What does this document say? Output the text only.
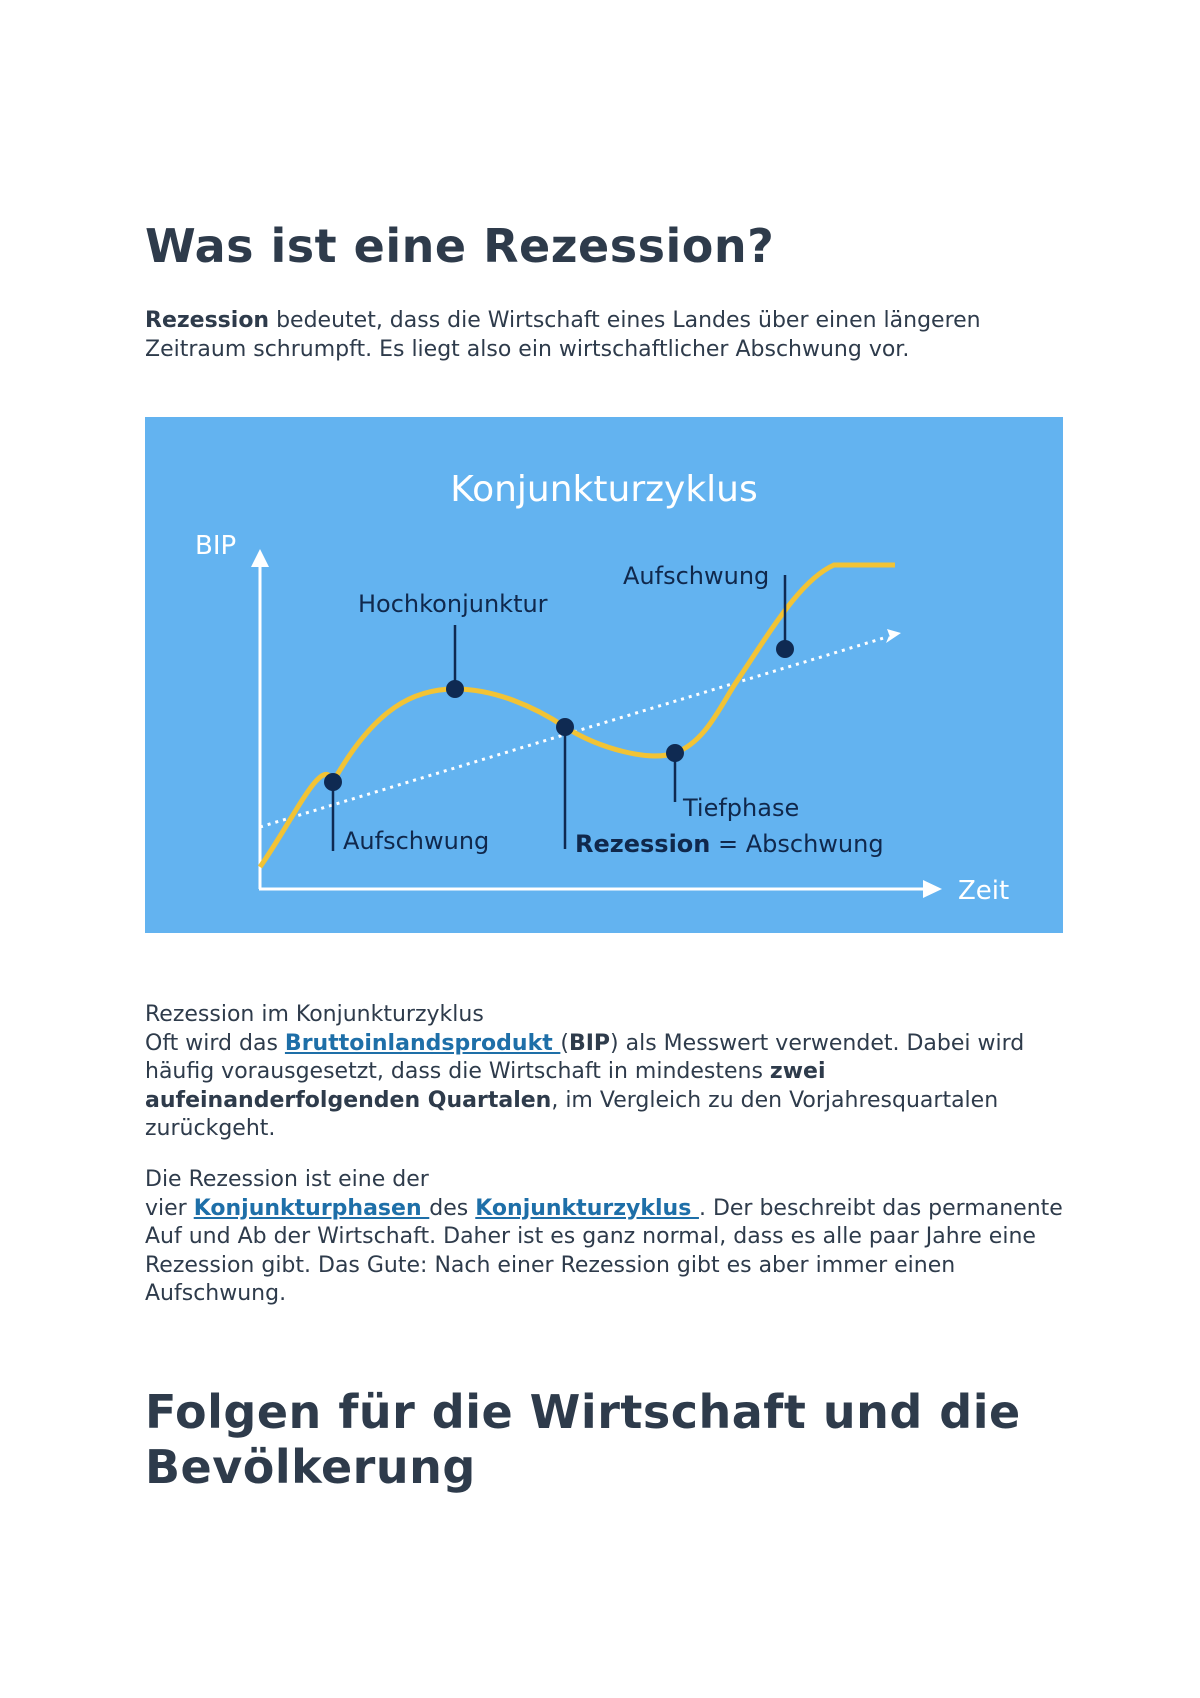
Was ist eine Rezession?
Rezession bedeutet, dass die Wirtschaft eines Landes über einen längeren Zeitraum schrumpft. Es liegt also ein wirtschaftlicher Abschwung vor.
Konjunkturzyklus
BIP
Zeit
Aufschwung
Hochkonjunktur
Rezession = Abschwung
Tiefphase
Aufschwung
Rezession im Konjunkturzyklus
Oft wird das Bruttoinlandsprodukt (BIP) als Messwert verwendet. Dabei wird häufig vorausgesetzt, dass die Wirtschaft in mindestens zwei aufeinanderfolgenden Quartalen, im Vergleich zu den Vorjahresquartalen zurückgeht.
Die Rezession ist eine der
vier Konjunkturphasen des Konjunkturzyklus . Der beschreibt das permanente Auf und Ab der Wirtschaft. Daher ist es ganz normal, dass es alle paar Jahre eine Rezession gibt. Das Gute: Nach einer Rezession gibt es aber immer einen Aufschwung.
Folgen für die Wirtschaft und die Bevölkerung
